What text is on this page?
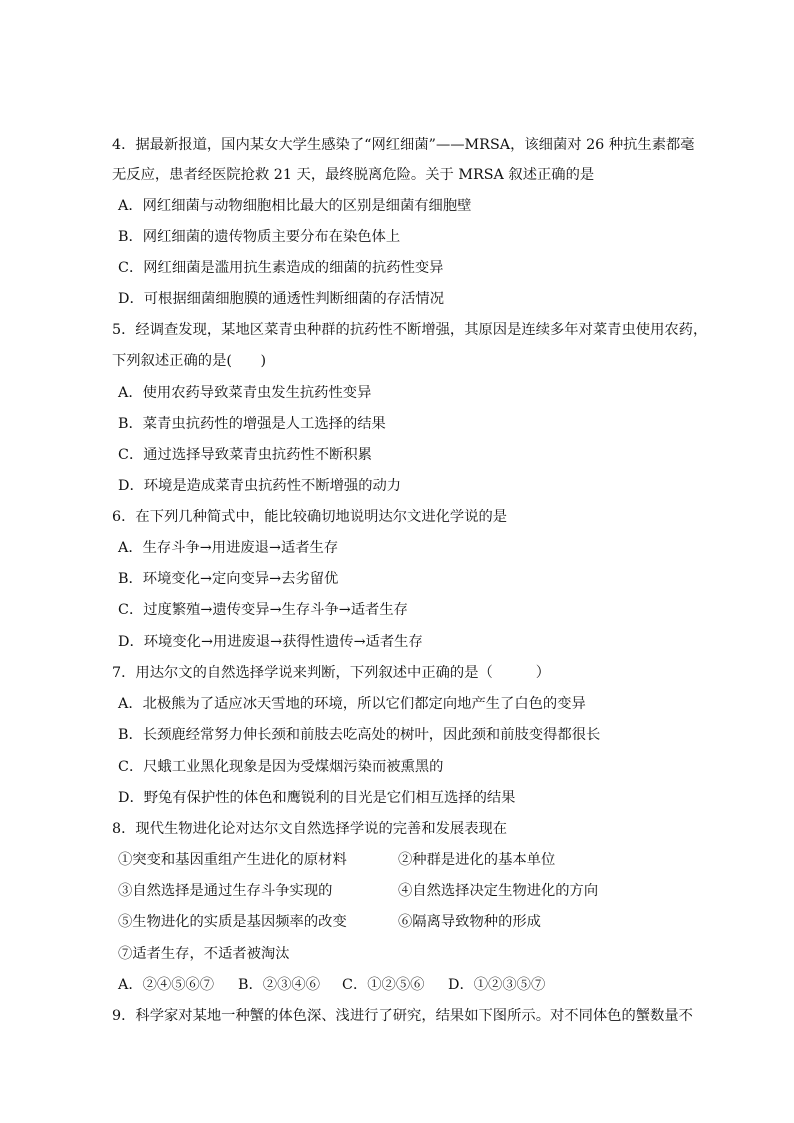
4．据最新报道，国内某女大学生感染了“网红细菌”——MRSA，该细菌对 26 种抗生素都毫
无反应，患者经医院抢救 21 天，最终脱离危险。关于 MRSA 叙述正确的是
A．网红细菌与动物细胞相比最大的区别是细菌有细胞壁
B．网红细菌的遗传物质主要分布在染色体上
C．网红细菌是滥用抗生素造成的细菌的抗药性变异
D．可根据细菌细胞膜的通透性判断细菌的存活情况
5．经调查发现，某地区菜青虫种群的抗药性不断增强，其原因是连续多年对菜青虫使用农药，
下列叙述正确的是(　　)
A．使用农药导致菜青虫发生抗药性变异
B．菜青虫抗药性的增强是人工选择的结果
C．通过选择导致菜青虫抗药性不断积累
D．环境是造成菜青虫抗药性不断增强的动力
6．在下列几种简式中，能比较确切地说明达尔文进化学说的是
A．生存斗争→用进废退→适者生存
B．环境变化→定向变异→去劣留优
C．过度繁殖→遗传变异→生存斗争→适者生存
D．环境变化→用进废退→获得性遗传→适者生存
7．用达尔文的自然选择学说来判断，下列叙述中正确的是（　　　）
A．北极熊为了适应冰天雪地的环境，所以它们都定向地产生了白色的变异
B．长颈鹿经常努力伸长颈和前肢去吃高处的树叶，因此颈和前肢变得都很长
C．尺蛾工业黑化现象是因为受煤烟污染而被熏黑的
D．野兔有保护性的体色和鹰锐利的目光是它们相互选择的结果
8．现代生物进化论对达尔文自然选择学说的完善和发展表现在
①突变和基因重组产生进化的原材料	②种群是进化的基本单位
③自然选择是通过生存斗争实现的	④自然选择决定生物进化的方向
⑤生物进化的实质是基因频率的改变	⑥隔离导致物种的形成
⑦适者生存，不适者被淘汰
A．②④⑤⑥⑦ B．②③④⑥ C．①②⑤⑥ D．①②③⑤⑦
9．科学家对某地一种蟹的体色深、浅进行了研究，结果如下图所示。对不同体色的蟹数量不
